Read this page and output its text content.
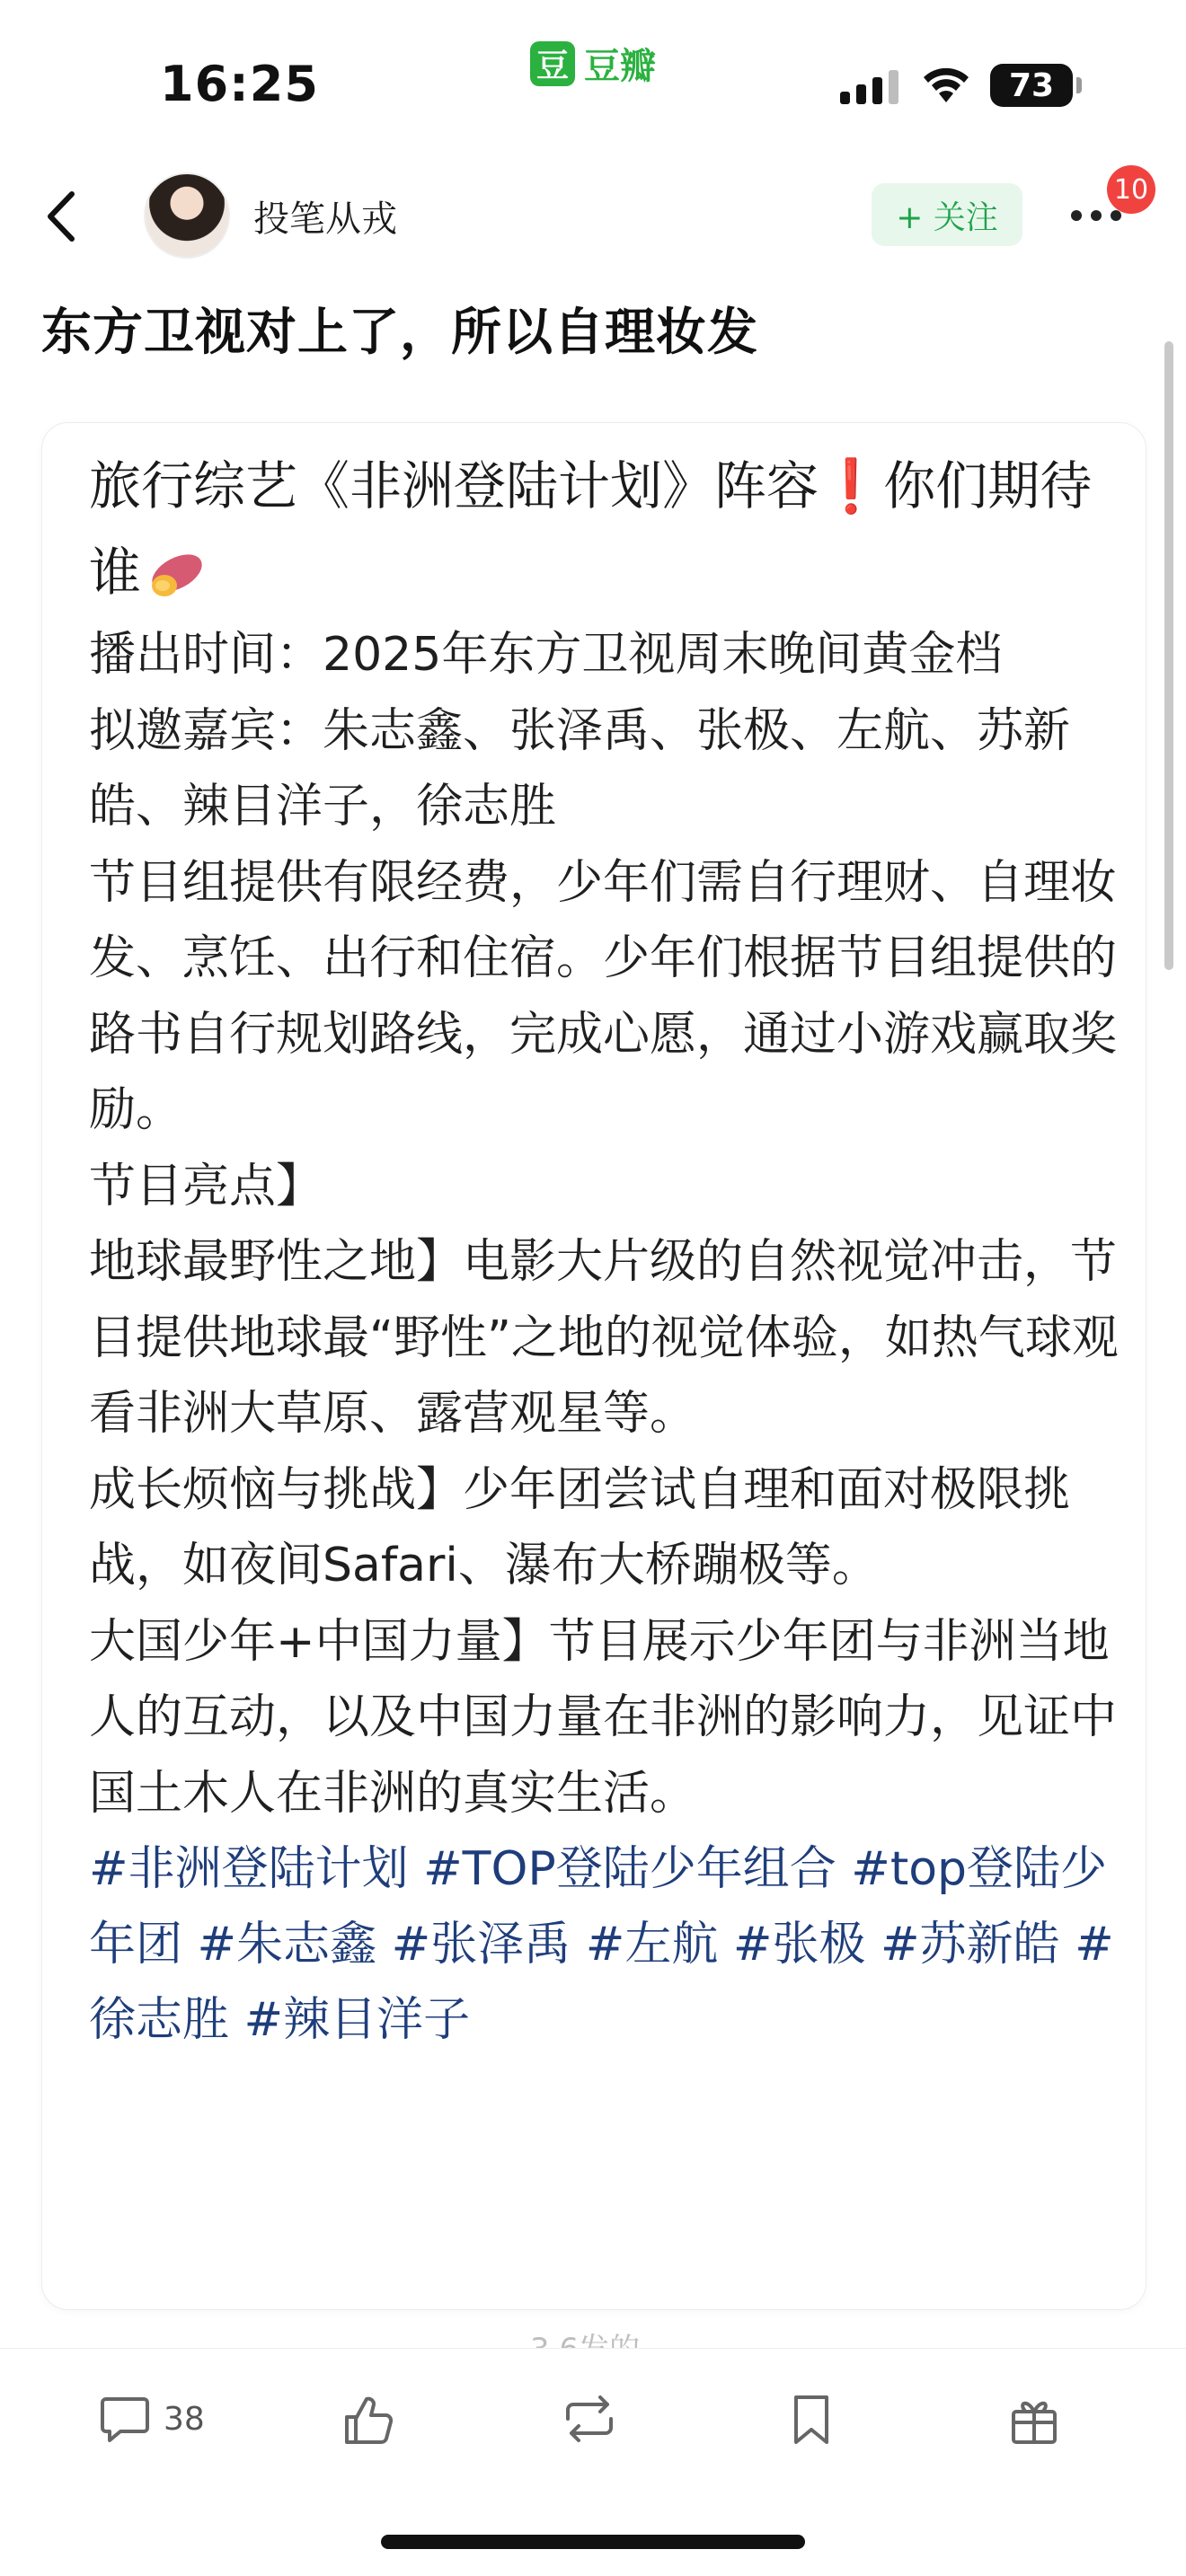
16:25	豆 豆瓣	73
投笔从戎	+ 关注
10
东方卫视对上了，所以自理妆发

旅行综艺《非洲登陆计划》阵容❗你们期待谁

播出时间：2025年东方卫视周末晚间黄金档
拟邀嘉宾：朱志鑫、张泽禹、张极、左航、苏新皓、辣目洋子，徐志胜
节目组提供有限经费，少年们需自行理财、自理妆发、烹饪、出行和住宿。少年们根据节目组提供的路书自行规划路线，完成心愿，通过小游戏赢取奖励。
节目亮点】
地球最野性之地】电影大片级的自然视觉冲击，节目提供地球最“野性”之地的视觉体验，如热气球观看非洲大草原、露营观星等。
成长烦恼与挑战】少年团尝试自理和面对极限挑战，如夜间Safari、瀑布大桥蹦极等。
大国少年+中国力量】节目展示少年团与非洲当地人的互动，以及中国力量在非洲的影响力，见证中国土木人在非洲的真实生活。

#非洲登陆计划 #TOP登陆少年组合 #top登陆少年团 #朱志鑫 #张泽禹 #左航 #张极 #苏新皓 #徐志胜 #辣目洋子
38
